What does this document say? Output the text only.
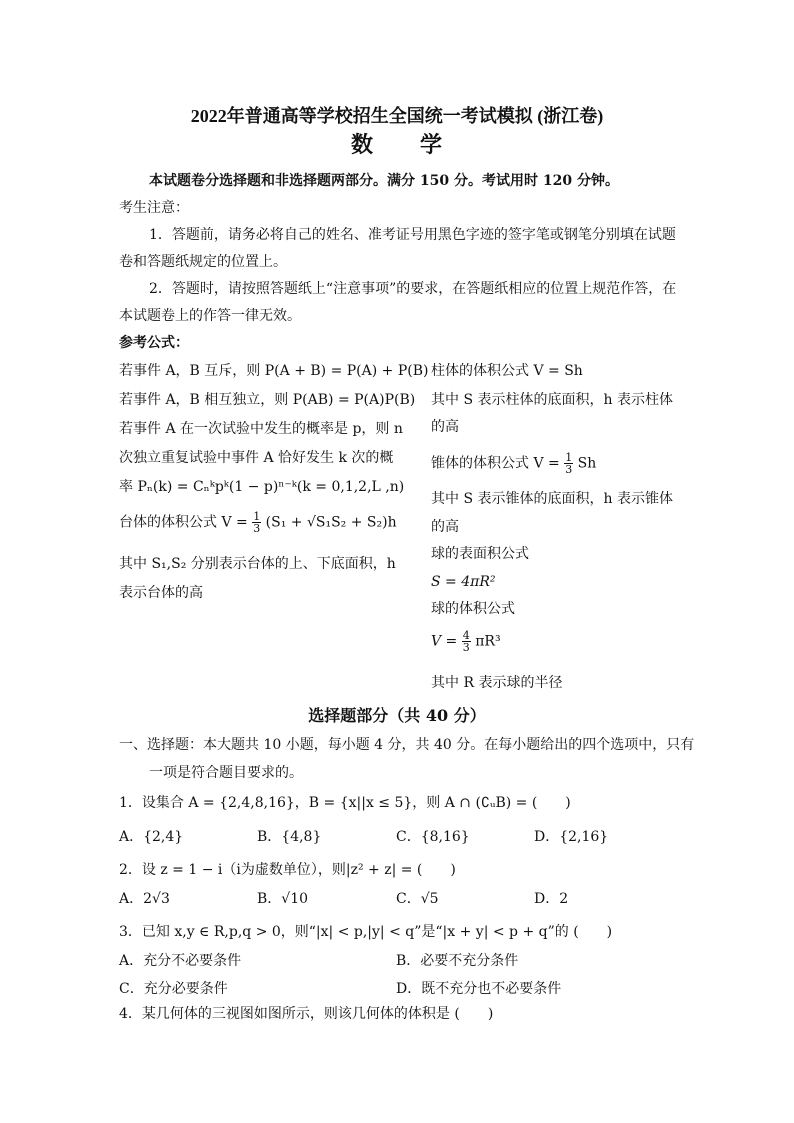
2022年普通高等学校招生全国统一考试模拟 (浙江卷)
数　　学
本试题卷分选择题和非选择题两部分。满分 150 分。考试用时 120 分钟。
考生注意：
1．答题前，请务必将自己的姓名、准考证号用黑色字迹的签字笔或钢笔分别填在试题
卷和答题纸规定的位置上。
2．答题时，请按照答题纸上“注意事项”的要求，在答题纸相应的位置上规范作答，在
本试题卷上的作答一律无效。
参考公式：
若事件 A，B 互斥，则 P(A + B) = P(A) + P(B)
若事件 A，B 相互独立，则 P(AB) = P(A)P(B)
若事件 A 在一次试验中发生的概率是 p，则 n
次独立重复试验中事件 A 恰好发生 k 次的概
率 Pₙ(k) = Cₙᵏpᵏ(1 − p)ⁿ⁻ᵏ(k = 0,1,2,L ,n)
台体的体积公式 $V = \frac{1}{3} (S_1 + √S_1S_2 + S_2)h$
其中 S₁,S₂ 分别表示台体的上、下底面积，h
表示台体的高
柱体的体积公式 V = Sh
其中 S 表示柱体的底面积，h 表示柱体
的高
锥体的体积公式 $V = \frac{1}{3}$ Sh
其中 S 表示锥体的底面积，h 表示锥体
的高
球的表面积公式
S = 4πR²
球的体积公式
$V = \frac{4}{3} \pi R^3$
其中 R 表示球的半径
选择题部分（共 40 分）
一、选择题：本大题共 10 小题，每小题 4 分，共 40 分。在每小题给出的四个选项中，只有
一项是符合题目要求的。
1．设集合 A = {2,4,8,16}，B = {x||x ≤ 5}，则 A ∩ (∁ᵤB) = (　　)
A．{2,4}	B．{4,8}	C．{8,16}	D．{2,16}
2．设 z = 1 − i（i为虚数单位），则|z² + z| = (　　)
A．2√3	B．√10	C．√5	D．2
3．已知 x,y ∈ R,p,q > 0，则“|x| < p,|y| < q”是“|x + y| < p + q”的 (　　)
A．充分不必要条件	B．必要不充分条件
C．充分必要条件	D．既不充分也不必要条件
4．某几何体的三视图如图所示，则该几何体的体积是 (　　)
